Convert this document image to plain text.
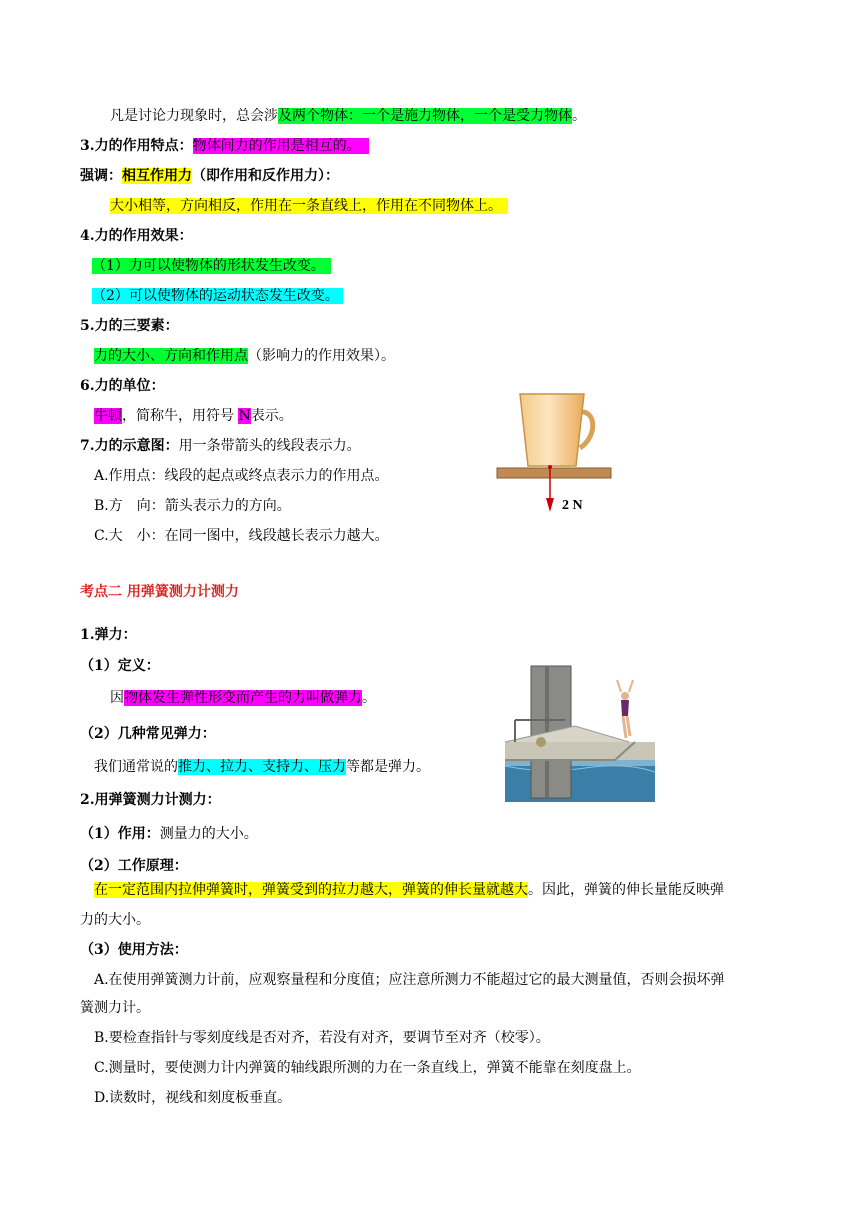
凡是讨论力现象时，总会涉及两个物体：一个是施力物体，一个是受力物体。
3.力的作用特点：物体间力的作用是相互的。
强调：相互作用力（即作用和反作用力）：
大小相等，方向相反，作用在一条直线上，作用在不同物体上。
4.力的作用效果：
（1）力可以使物体的形状发生改变。
（2）可以使物体的运动状态发生改变。
5.力的三要素：
力的大小、方向和作用点（影响力的作用效果）。
6.力的单位：
牛顿，简称牛，用符号 N表示。
7.力的示意图：用一条带箭头的线段表示力。
A.作用点：线段的起点或终点表示力的作用点。
B.方　向：箭头表示力的方向。
C.大　小：在同一图中，线段越长表示力越大。
2 N
考点二 用弹簧测力计测力
1.弹力：
（1）定义：
因物体发生弹性形变而产生的力叫做弹力。
（2）几种常见弹力：
我们通常说的推力、拉力、支持力、压力等都是弹力。
2.用弹簧测力计测力：
（1）作用：测量力的大小。
（2）工作原理：
在一定范围内拉伸弹簧时，弹簧受到的拉力越大，弹簧的伸长量就越大。因此，弹簧的伸长量能反映弹
力的大小。
（3）使用方法：
A.在使用弹簧测力计前，应观察量程和分度值；应注意所测力不能超过它的最大测量值，否则会损坏弹
簧测力计。
B.要检查指针与零刻度线是否对齐，若没有对齐，要调节至对齐（校零）。
C.测量时，要使测力计内弹簧的轴线跟所测的力在一条直线上，弹簧不能靠在刻度盘上。
D.读数时，视线和刻度板垂直。
